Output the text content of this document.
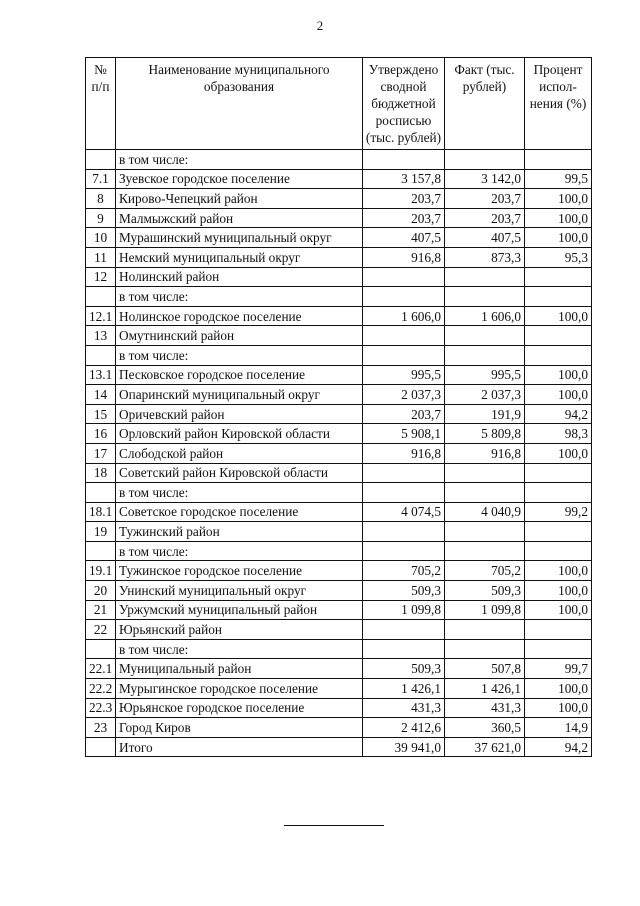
2
№ п/п	Наименование муниципального образования	Утверждено сводной бюджетной росписью (тыс. рублей)	Факт (тыс. рублей)	Процент испол-нения (%)
	в том числе:			
7.1	Зуевское городское поселение	3 157,8	3 142,0	99,5
8	Кирово-Чепецкий район	203,7	203,7	100,0
9	Малмыжский район	203,7	203,7	100,0
10	Мурашинский муниципальный округ	407,5	407,5	100,0
11	Немский муниципальный округ	916,8	873,3	95,3
12	Нолинский район			
	в том числе:			
12.1	Нолинское городское поселение	1 606,0	1 606,0	100,0
13	Омутнинский район			
	в том числе:			
13.1	Песковское городское поселение	995,5	995,5	100,0
14	Опаринский муниципальный округ	2 037,3	2 037,3	100,0
15	Оричевский район	203,7	191,9	94,2
16	Орловский район Кировской области	5 908,1	5 809,8	98,3
17	Слободской район	916,8	916,8	100,0
18	Советский район Кировской области			
	в том числе:			
18.1	Советское городское поселение	4 074,5	4 040,9	99,2
19	Тужинский район			
	в том числе:			
19.1	Тужинское городское поселение	705,2	705,2	100,0
20	Унинский муниципальный округ	509,3	509,3	100,0
21	Уржумский муниципальный район	1 099,8	1 099,8	100,0
22	Юрьянский район			
	в том числе:			
22.1	Муниципальный район	509,3	507,8	99,7
22.2	Мурыгинское городское поселение	1 426,1	1 426,1	100,0
22.3	Юрьянское городское поселение	431,3	431,3	100,0
23	Город Киров	2 412,6	360,5	14,9
	Итого	39 941,0	37 621,0	94,2
